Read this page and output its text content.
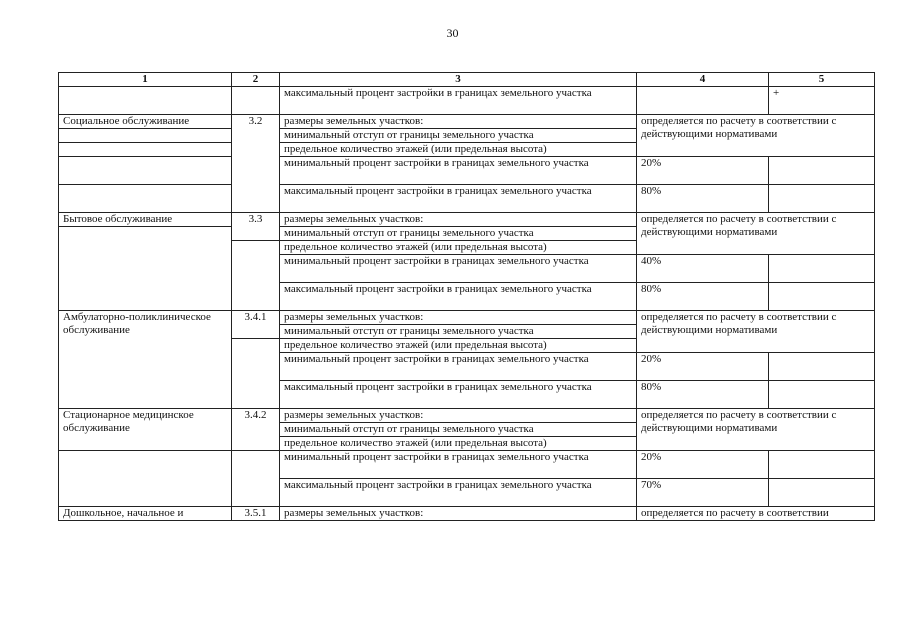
30
1	2	3	4	5
		максимальный процент застройки в границах земельного участка		+
Социальное обслуживание	3.2	размеры земельных участков:	определяется по расчету в соответствии с действующими нормативами	
		минимальный отступ от границы земельного участка		
		предельное количество этажей (или предельная высота)		
		минимальный процент застройки в границах земельного участка	20%	
		максимальный процент застройки в границах земельного участка	80%	
Бытовое обслуживание	3.3	размеры земельных участков:	определяется по расчету в соответствии с действующими нормативами	
		минимальный отступ от границы земельного участка		
		предельное количество этажей (или предельная высота)		
		минимальный процент застройки в границах земельного участка	40%	
		максимальный процент застройки в границах земельного участка	80%	
Амбулаторно-поликлиническое обслуживание	3.4.1	размеры земельных участков:	определяется по расчету в соответствии с действующими нормативами	
		минимальный отступ от границы земельного участка		
		предельное количество этажей (или предельная высота)		
		минимальный процент застройки в границах земельного участка	20%	
		максимальный процент застройки в границах земельного участка	80%	
Стационарное медицинское обслуживание	3.4.2	размеры земельных участков:	определяется по расчету в соответствии с действующими нормативами	
		минимальный отступ от границы земельного участка		
		предельное количество этажей (или предельная высота)		
		минимальный процент застройки в границах земельного участка	20%	
		максимальный процент застройки в границах земельного участка	70%	
Дошкольное, начальное и	3.5.1	размеры земельных участков:	определяется по расчету в соответствии	
